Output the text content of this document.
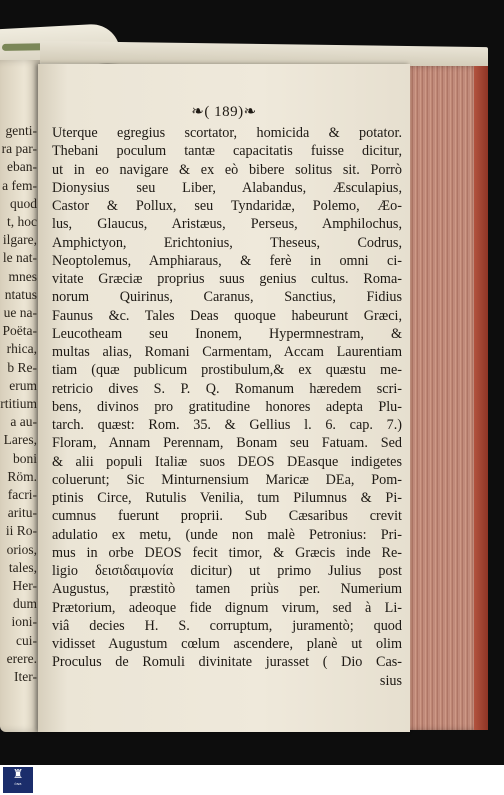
genti-
ra par-
eban-
a fem-
quod
t, hoc
ilgare,
le nat-
mnes
ntatus
ue na-
Poëta-
rhica,
b Re-
erum
rtitium
a au-
Lares,
boni
Röm.
facri-
aritu-
ii Ro-
orios,
tales,
Her-
dum
ioni-
cui-
erere.
Iter-
❧( 189)❧
Uterque egregius scortator, homicida & potator.
Thebani poculum tantæ capacitatis fuisse dicitur,
ut in eo navigare & ex eò bibere solitus sit. Porrò
Dionysius seu Liber, Alabandus, Æsculapius,
Castor & Pollux, seu Tyndaridæ, Polemo, Æo-
lus, Glaucus, Aristæus, Perseus, Amphilochus,
Amphictyon, Erichtonius, Theseus, Codrus,
Neoptolemus, Amphiaraus, & ferè in omni ci-
vitate Græciæ proprius suus genius cultus. Roma-
norum Quirinus, Caranus, Sanctius, Fidius
Faunus &c. Tales Deas quoque habeurunt Græci,
Leucotheam seu Inonem, Hypermnestram, &
multas alias, Romani Carmentam, Accam Laurentiam
tiam (quæ publicum prostibulum,& ex quæstu me-
retricio dives S. P. Q. Romanum hæredem scri-
bens, divinos pro gratitudine honores adepta Plu-
tarch. quæst: Rom. 35. & Gellius l. 6. cap. 7.)
Floram, Annam Perennam, Bonam seu Fatuam. Sed
& alii populi Italiæ suos DEOS DEasque indigetes
coluerunt; Sic Minturnensium Maricæ DEa, Pom-
ptinis Circe, Rutulis Venilia, tum Pilumnus & Pi-
cumnus fuerunt proprii. Sub Cæsaribus crevit
adulatio ex metu, (unde non malè Petronius: Pri-
mus in orbe DEOS fecit timor, & Græcis inde Re-
ligio δεισιδαιμονία dicitur) ut primo Julius post
Augustus, præstitò tamen priùs per. Numerium
Prætorium, adeoque fide dignum virum, sed à Li-
viâ decies H. S. corruptum, juramentò; quod
vidisset Augustum cœlum ascendere, planè ut olim
Proculus de Romuli divinitate jurasset ( Dio Cas-
sius
♜
ÖNB
